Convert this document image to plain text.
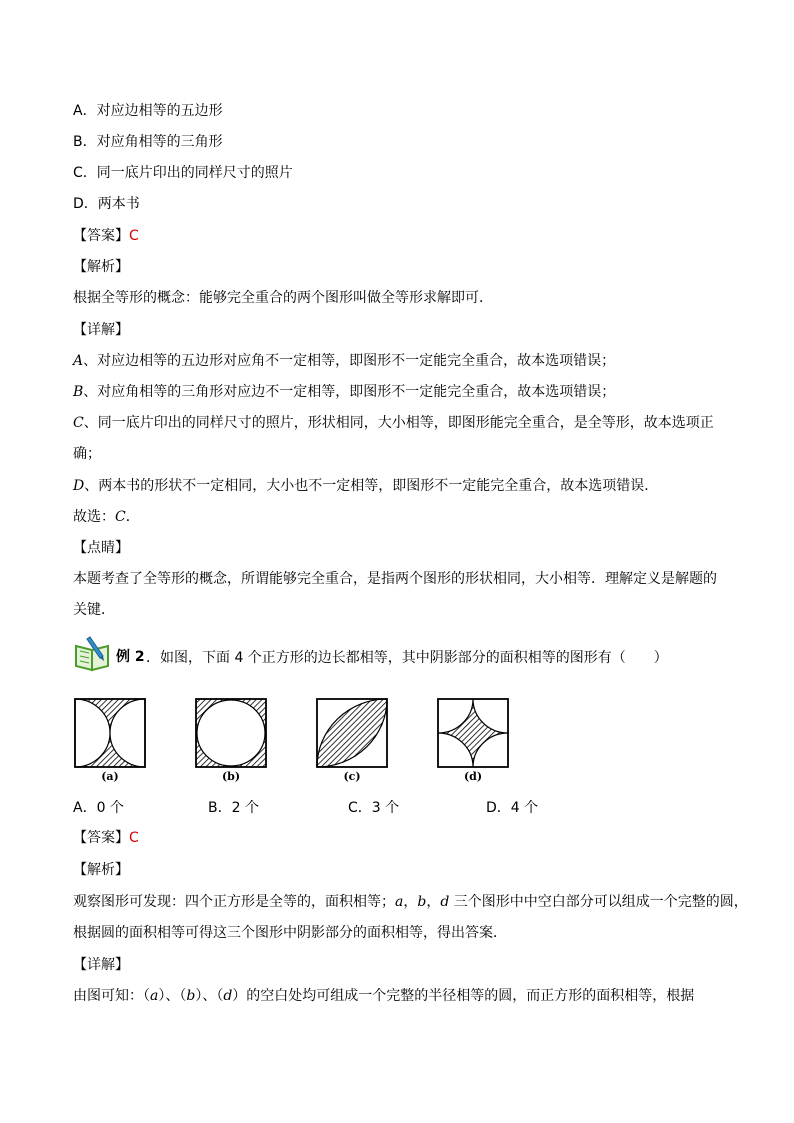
A．对应边相等的五边形
B．对应角相等的三角形
C．同一底片印出的同样尺寸的照片
D．两本书
【答案】C
【解析】
根据全等形的概念：能够完全重合的两个图形叫做全等形求解即可．
【详解】
A、对应边相等的五边形对应角不一定相等，即图形不一定能完全重合，故本选项错误；
B、对应角相等的三角形对应边不一定相等，即图形不一定能完全重合，故本选项错误；
C、同一底片印出的同样尺寸的照片，形状相同，大小相等，即图形能完全重合，是全等形，故本选项正
确；
D、两本书的形状不一定相同，大小也不一定相等，即图形不一定能完全重合，故本选项错误．
故选：C．
【点睛】
本题考查了全等形的概念，所谓能够完全重合，是指两个图形的形状相同，大小相等．理解定义是解题的
关键．
例 2 ．如图，下面 4 个正方形的边长都相等，其中阴影部分的面积相等的图形有（　　）
(a)	(b)	(c)	(d)
A．0 个	B．2 个	C．3 个	D．4 个
【答案】C
【解析】
观察图形可发现：四个正方形是全等的，面积相等；a，b，d 三个图形中中空白部分可以组成一个完整的圆，
根据圆的面积相等可得这三个图形中阴影部分的面积相等，得出答案．
【详解】
由图可知：（a）、（b）、（d）的空白处均可组成一个完整的半径相等的圆，而正方形的面积相等，根据
